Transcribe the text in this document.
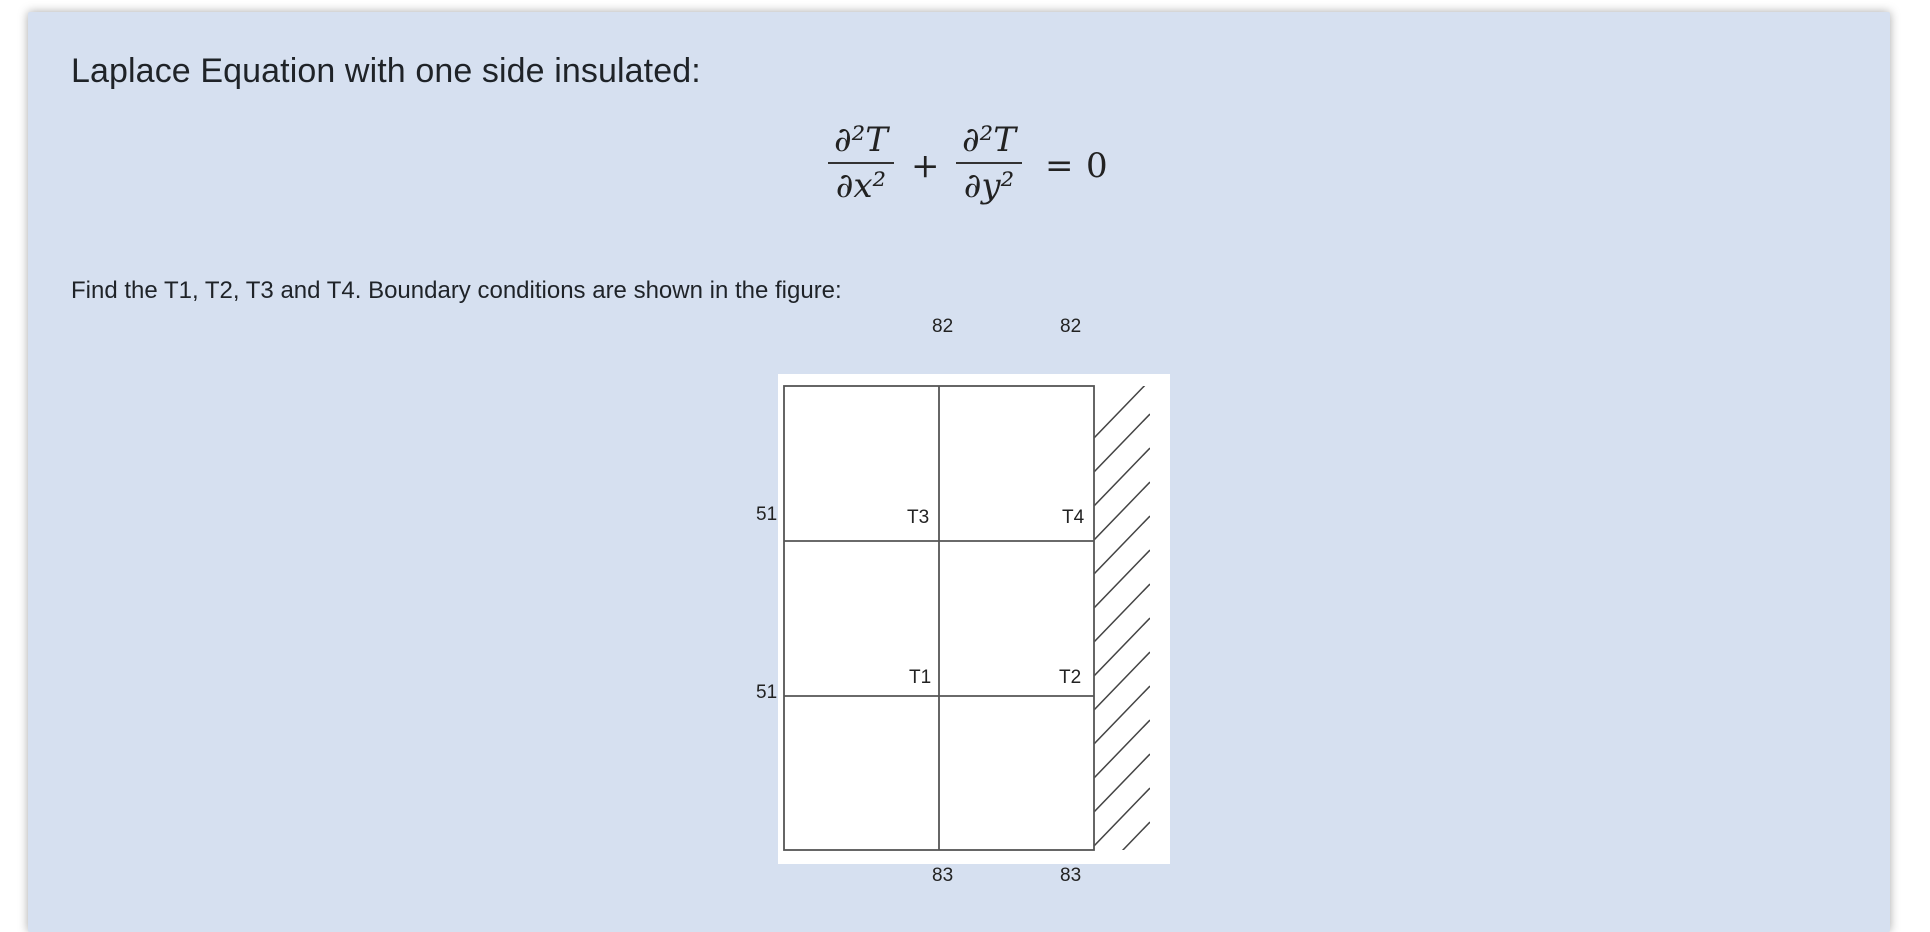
Laplace Equation with one side insulated:
∂²T
∂x² +
∂²T
∂y² = 0

Find the T1, T2, T3 and T4. Boundary conditions are shown in the figure:

82	82
51
51
T3	T4
T1	T2
83	83
